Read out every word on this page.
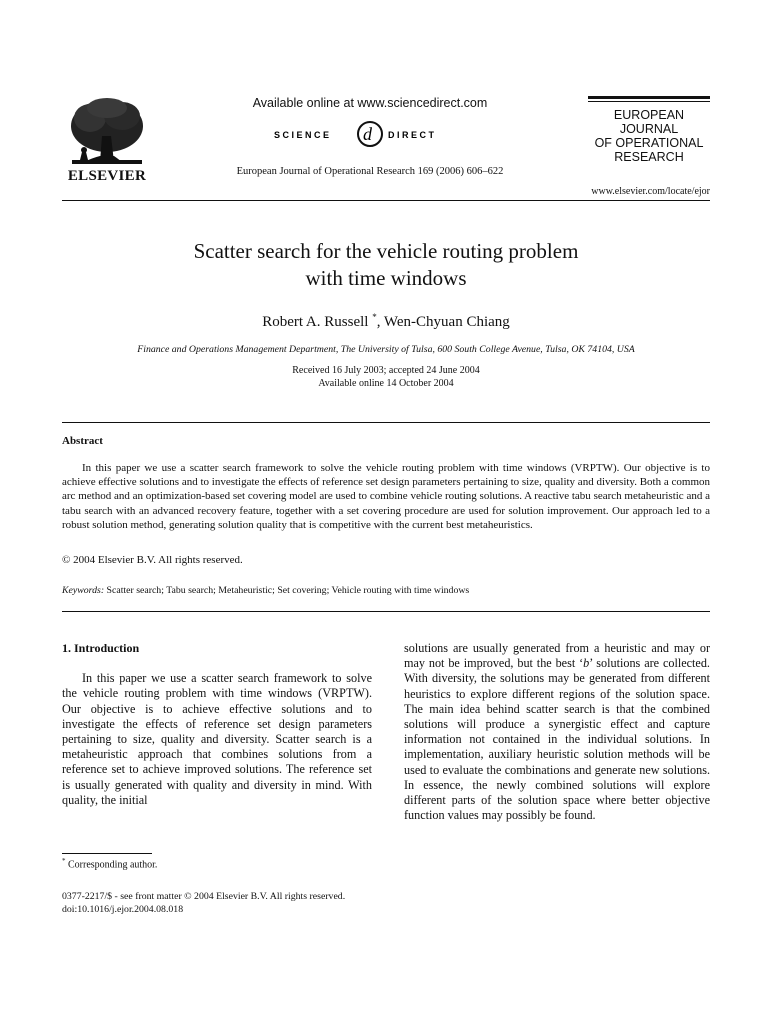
ELSEVIER
Available online at www.sciencedirect.com
SCIENCE d DIRECT
European Journal of Operational Research 169 (2006) 606–622
EUROPEAN
JOURNAL
OF OPERATIONAL
RESEARCH
www.elsevier.com/locate/ejor
Scatter search for the vehicle routing problem
with time windows
Robert A. Russell *, Wen-Chyuan Chiang
Finance and Operations Management Department, The University of Tulsa, 600 South College Avenue, Tulsa, OK 74104, USA
Received 16 July 2003; accepted 24 June 2004
Available online 14 October 2004
Abstract
In this paper we use a scatter search framework to solve the vehicle routing problem with time windows (VRPTW). Our objective is to achieve effective solutions and to investigate the effects of reference set design parameters pertaining to size, quality and diversity. Both a common arc method and an optimization-based set covering model are used to combine vehicle routing solutions. A reactive tabu search metaheuristic and a tabu search with an advanced recovery feature, together with a set covering procedure are used for solution improvement. Our approach led to a robust solution method, generating solution quality that is competitive with the current best metaheuristics.
© 2004 Elsevier B.V. All rights reserved.
Keywords: Scatter search; Tabu search; Metaheuristic; Set covering; Vehicle routing with time windows
1. Introduction
In this paper we use a scatter search framework to solve the vehicle routing problem with time windows (VRPTW). Our objective is to achieve effective solutions and to investigate the effects of reference set design parameters pertaining to size, quality and diversity. Scatter search is a metaheuristic approach that combines solutions from a reference set to achieve improved solutions. The reference set is usually generated with quality and diversity in mind. With quality, the initial
solutions are usually generated from a heuristic and may or may not be improved, but the best ‘b’ solutions are collected. With diversity, the solutions may be generated from different heuristics to explore different regions of the solution space. The main idea behind scatter search is that the combined solutions will produce a synergistic effect and capture information not contained in the individual solutions. In implementation, auxiliary heuristic solution methods will be used to evaluate the combinations and generate new solutions. In essence, the newly combined solutions will explore different parts of the solution space where better objective function values may possibly be found.
* Corresponding author.
0377-2217/$ - see front matter © 2004 Elsevier B.V. All rights reserved.
doi:10.1016/j.ejor.2004.08.018
